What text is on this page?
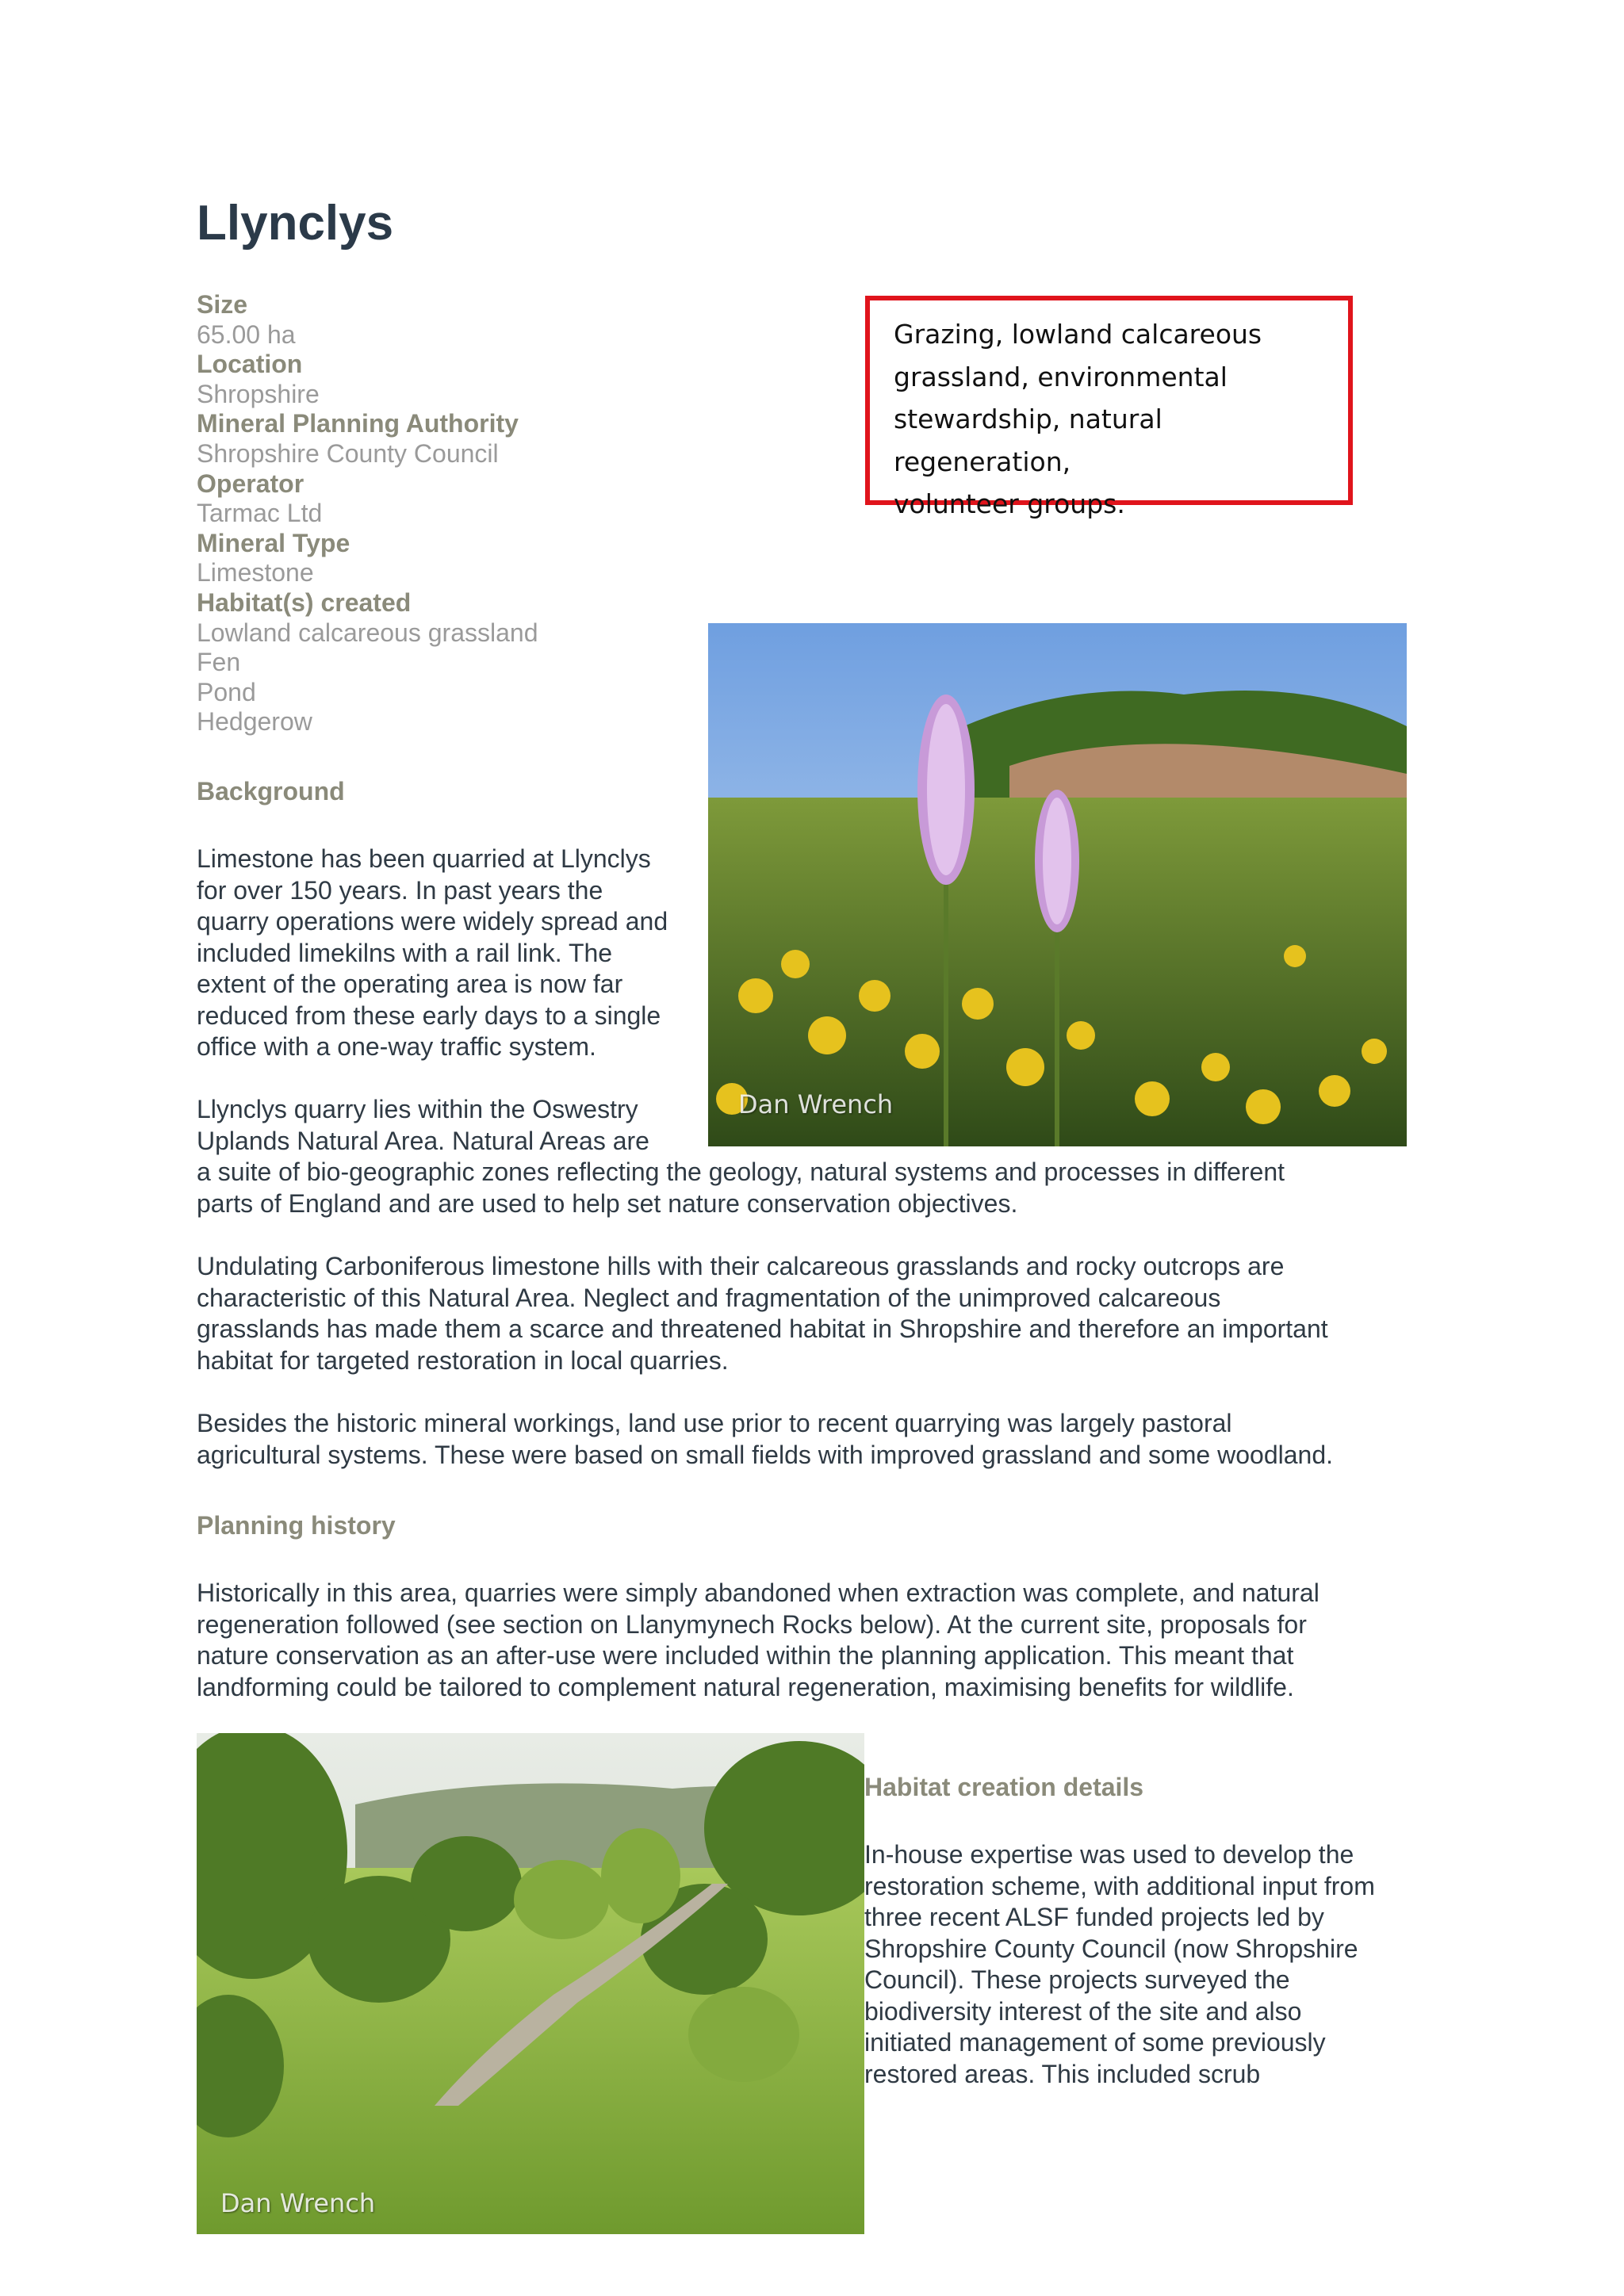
Llynclys
Size
65.00 ha
Location
Shropshire
Mineral Planning Authority
Shropshire County Council
Operator
Tarmac Ltd
Mineral Type
Limestone
Habitat(s) created
Lowland calcareous grassland
Fen
Pond
Hedgerow
Grazing, lowland calcareous
grassland, environmental
stewardship, natural regeneration,
volunteer groups.
Dan Wrench
Background
Limestone has been quarried at Llynclys
for over 150 years. In past years the
quarry operations were widely spread and
included limekilns with a rail link. The
extent of the operating area is now far
reduced from these early days to a single
office with a one-way traffic system.
Llynclys quarry lies within the Oswestry
Uplands Natural Area. Natural Areas are
a suite of bio-geographic zones reflecting the geology, natural systems and processes in different
parts of England and are used to help set nature conservation objectives.
Undulating Carboniferous limestone hills with their calcareous grasslands and rocky outcrops are
characteristic of this Natural Area. Neglect and fragmentation of the unimproved calcareous
grasslands has made them a scarce and threatened habitat in Shropshire and therefore an important
habitat for targeted restoration in local quarries.
Besides the historic mineral workings, land use prior to recent quarrying was largely pastoral
agricultural systems. These were based on small fields with improved grassland and some woodland.
Planning history
Historically in this area, quarries were simply abandoned when extraction was complete, and natural
regeneration followed (see section on Llanymynech Rocks below). At the current site, proposals for
nature conservation as an after-use were included within the planning application. This meant that
landforming could be tailored to complement natural regeneration, maximising benefits for wildlife.
Dan Wrench
Habitat creation details
In-house expertise was used to develop the
restoration scheme, with additional input from
three recent ALSF funded projects led by
Shropshire County Council (now Shropshire
Council). These projects surveyed the
biodiversity interest of the site and also
initiated management of some previously
restored areas. This included scrub
